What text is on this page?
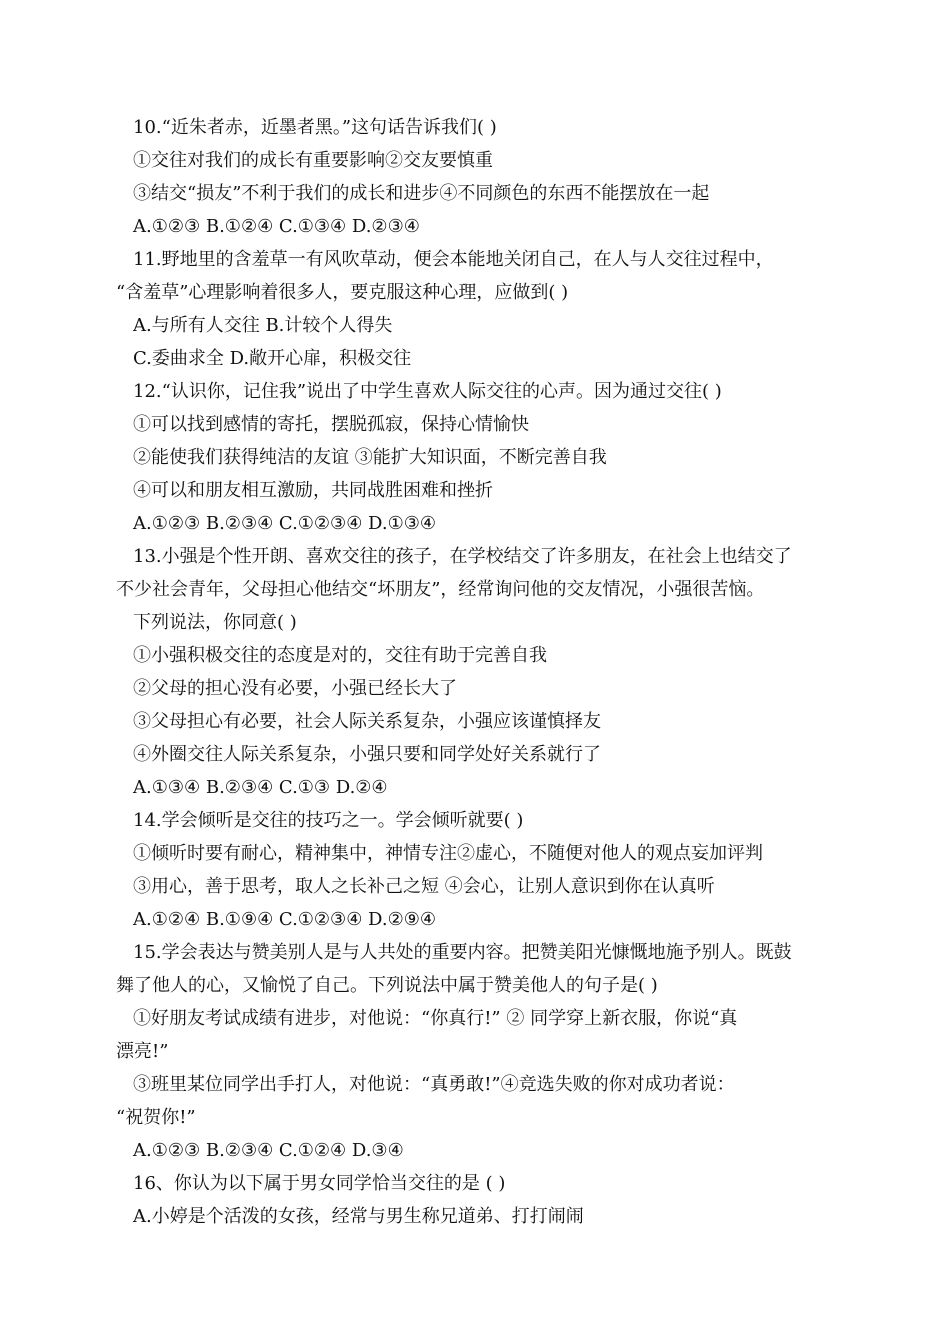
10.“近朱者赤，近墨者黑。”这句话告诉我们( )
①交往对我们的成长有重要影响②交友要慎重
③结交“损友”不利于我们的成长和进步④不同颜色的东西不能摆放在一起
A.①②③ B.①②④ C.①③④ D.②③④
11.野地里的含羞草一有风吹草动，便会本能地关闭自己，在人与人交往过程中，
“含羞草”心理影响着很多人，要克服这种心理，应做到( )
A.与所有人交往 B.计较个人得失
C.委曲求全 D.敞开心扉，积极交往
12.“认识你，记住我”说出了中学生喜欢人际交往的心声。因为通过交往( )
①可以找到感情的寄托，摆脱孤寂，保持心情愉快
②能使我们获得纯洁的友谊 ③能扩大知识面，不断完善自我
④可以和朋友相互激励，共同战胜困难和挫折
A.①②③ B.②③④ C.①②③④ D.①③④
13.小强是个性开朗、喜欢交往的孩子，在学校结交了许多朋友，在社会上也结交了
不少社会青年，父母担心他结交“坏朋友”，经常询问他的交友情况，小强很苦恼。
下列说法，你同意( )
①小强积极交往的态度是对的，交往有助于完善自我
②父母的担心没有必要，小强已经长大了
③父母担心有必要，社会人际关系复杂，小强应该谨慎择友
④外圈交往人际关系复杂，小强只要和同学处好关系就行了
A.①③④ B.②③④ C.①③ D.②④
14.学会倾听是交往的技巧之一。学会倾听就要( )
①倾听时要有耐心，精神集中，神情专注②虚心，不随便对他人的观点妄加评判
③用心，善于思考，取人之长补己之短 ④会心，让别人意识到你在认真听
A.①②④ B.①⑨④ C.①②③④ D.②⑨④
15.学会表达与赞美别人是与人共处的重要内容。把赞美阳光慷慨地施予别人。既鼓
舞了他人的心，又愉悦了自己。下列说法中属于赞美他人的句子是( )
①好朋友考试成绩有进步，对他说：“你真行!” ② 同学穿上新衣服，你说“真
漂亮!”
③班里某位同学出手打人，对他说：“真勇敢!”④竞选失败的你对成功者说：
“祝贺你!”
A.①②③ B.②③④ C.①②④ D.③④
16、你认为以下属于男女同学恰当交往的是 ( )
A.小婷是个活泼的女孩，经常与男生称兄道弟、打打闹闹
